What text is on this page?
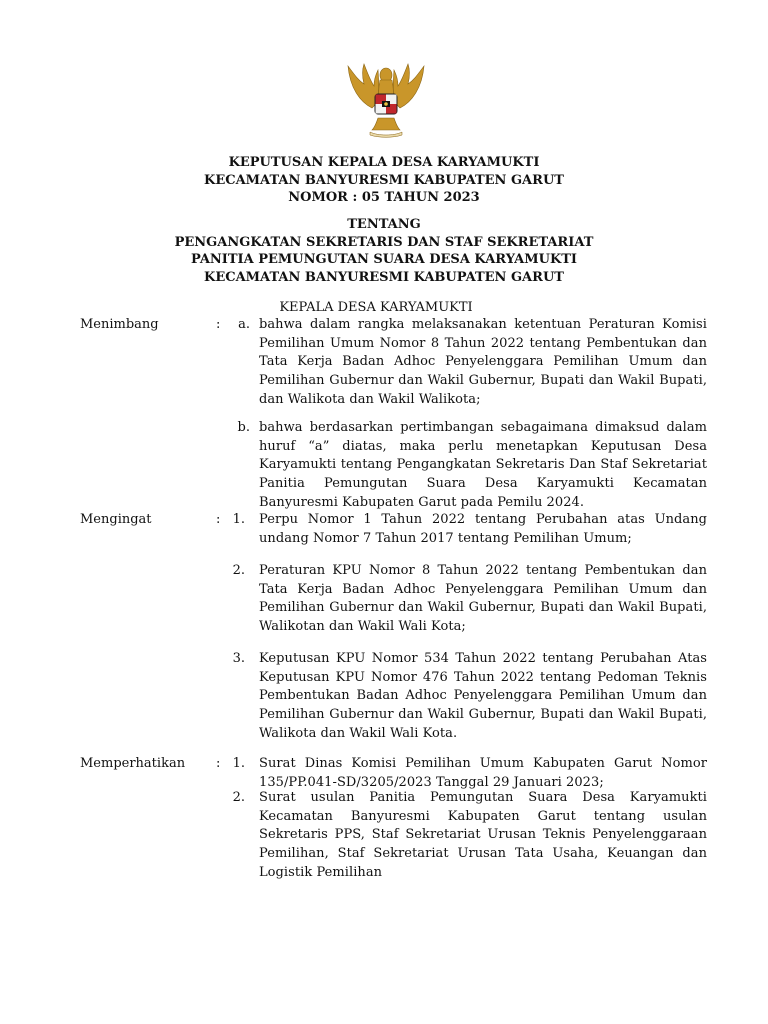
KEPUTUSAN KEPALA DESA KARYAMUKTI
KECAMATAN BANYURESMI KABUPATEN GARUT
NOMOR : 05 TAHUN 2023
TENTANG
PENGANGKATAN SEKRETARIS DAN STAF SEKRETARIAT
PANITIA PEMUNGUTAN SUARA DESA KARYAMUKTI
KECAMATAN BANYURESMI KABUPATEN GARUT
KEPALA DESA KARYAMUKTI
Menimbang	:	a. bahwa dalam rangka melaksanakan ketentuan Peraturan Komisi Pemilihan Umum Nomor 8 Tahun 2022 tentang Pembentukan dan Tata Kerja Badan Adhoc Penyelenggara Pemilihan Umum dan Pemilihan Gubernur dan Wakil Gubernur, Bupati dan Wakil Bupati, dan Walikota dan Wakil Walikota;
b. bahwa berdasarkan pertimbangan sebagaimana dimaksud dalam huruf “a” diatas, maka perlu menetapkan Keputusan Desa Karyamukti tentang Pengangkatan Sekretaris Dan Staf Sekretariat Panitia Pemungutan Suara Desa Karyamukti Kecamatan Banyuresmi Kabupaten Garut pada Pemilu 2024.
Mengingat	: 1. Perpu Nomor 1 Tahun 2022 tentang Perubahan atas Undang undang Nomor 7 Tahun 2017 tentang Pemilihan Umum;
2. Peraturan KPU Nomor 8 Tahun 2022 tentang Pembentukan dan Tata Kerja Badan Adhoc Penyelenggara Pemilihan Umum dan Pemilihan Gubernur dan Wakil Gubernur, Bupati dan Wakil Bupati, Walikotan dan Wakil Wali Kota;
3. Keputusan KPU Nomor 534 Tahun 2022 tentang Perubahan Atas Keputusan KPU Nomor 476 Tahun 2022 tentang Pedoman Teknis Pembentukan Badan Adhoc Penyelenggara Pemilihan Umum dan Pemilihan Gubernur dan Wakil Gubernur, Bupati dan Wakil Bupati, Walikota dan Wakil Wali Kota.
Memperhatikan : 1. Surat Dinas Komisi Pemilihan Umum Kabupaten Garut Nomor 135/PP.041-SD/3205/2023 Tanggal 29 Januari 2023;
2. Surat usulan Panitia Pemungutan Suara Desa Karyamukti Kecamatan Banyuresmi Kabupaten Garut tentang usulan Sekretaris PPS, Staf Sekretariat Urusan Teknis Penyelenggaraan Pemilihan, Staf Sekretariat Urusan Tata Usaha, Keuangan dan Logistik Pemilihan
